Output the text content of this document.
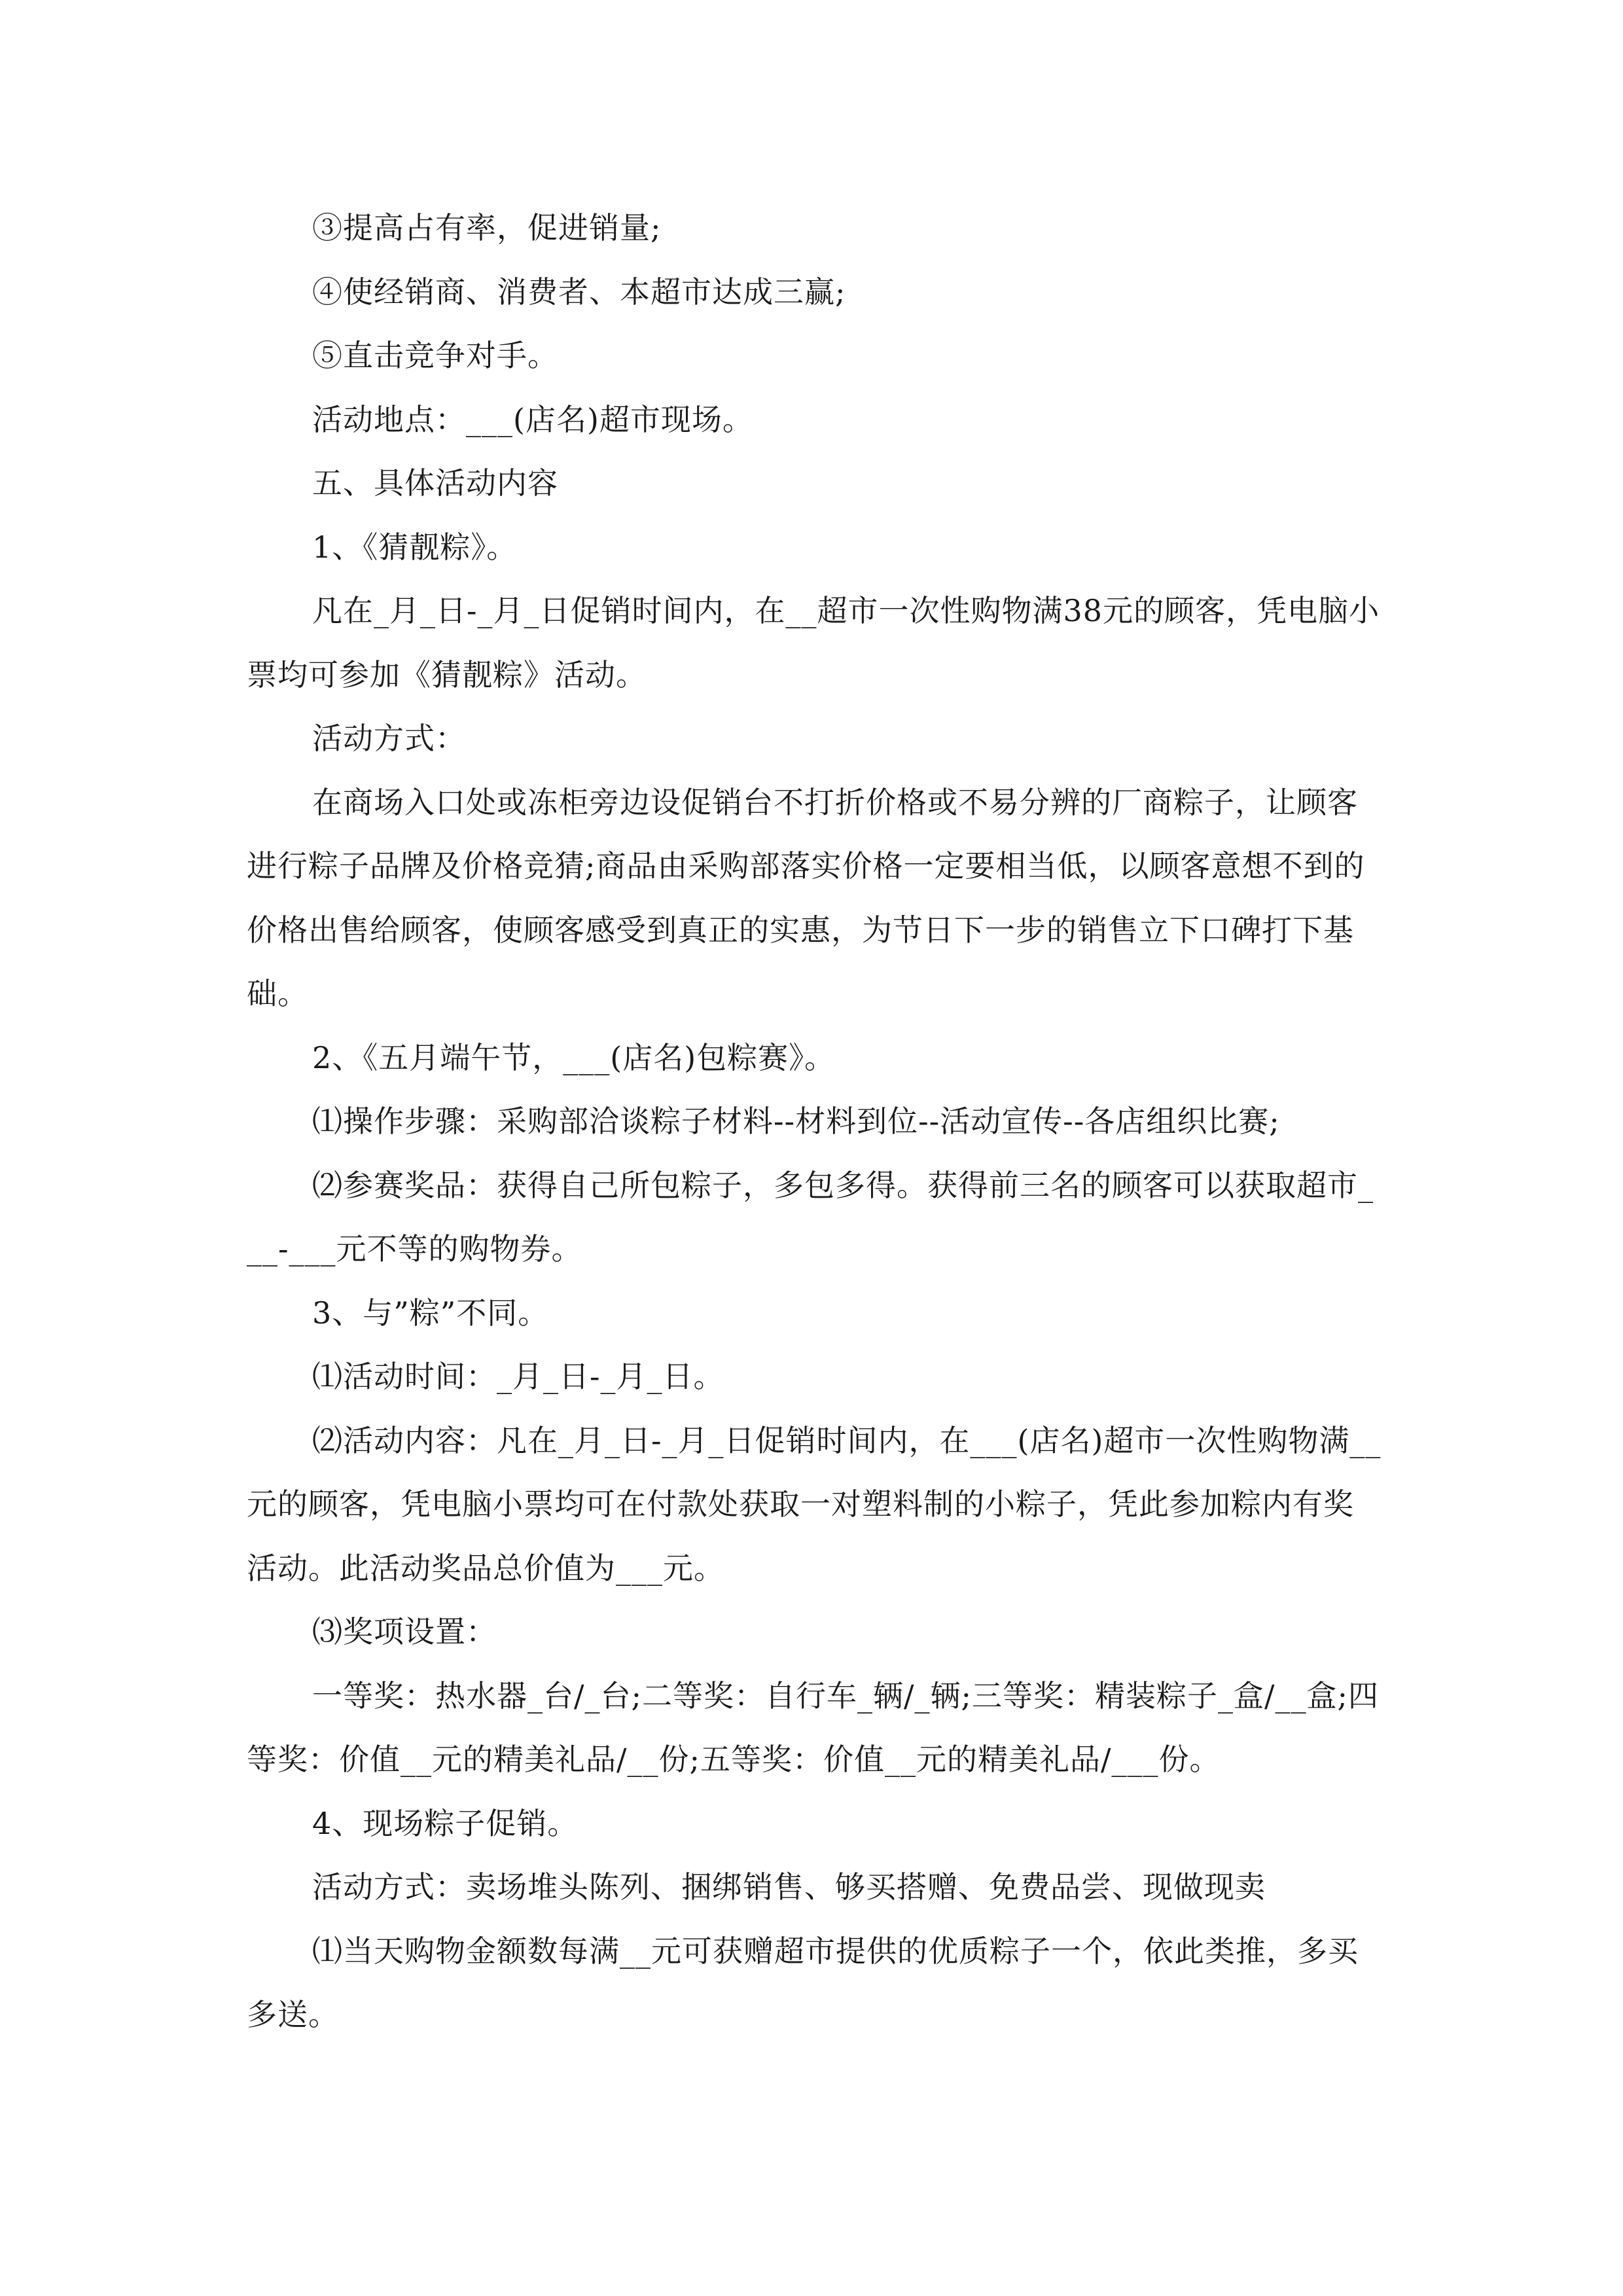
③提高占有率，促进销量;

④使经销商、消费者、本超市达成三赢;

⑤直击竞争对手。

活动地点：___(店名)超市现场。

五、具体活动内容

1、《猜靓粽》。

凡在_月_日-_月_日促销时间内，在__超市一次性购物满38元的顾客，凭电脑小票均可参加《猜靓粽》活动。

活动方式：

在商场入口处或冻柜旁边设促销台不打折价格或不易分辨的厂商粽子，让顾客进行粽子品牌及价格竞猜;商品由采购部落实价格一定要相当低，以顾客意想不到的价格出售给顾客，使顾客感受到真正的实惠，为节日下一步的销售立下口碑打下基础。

2、《五月端午节，___(店名)包粽赛》。

⑴操作步骤：采购部洽谈粽子材料--材料到位--活动宣传--各店组织比赛;

⑵参赛奖品：获得自己所包粽子，多包多得。获得前三名的顾客可以获取超市___-___元不等的购物券。

3、与”粽”不同。

⑴活动时间：_月_日-_月_日。

⑵活动内容：凡在_月_日-_月_日促销时间内，在___(店名)超市一次性购物满__元的顾客，凭电脑小票均可在付款处获取一对塑料制的小粽子，凭此参加粽内有奖活动。此活动奖品总价值为___元。

⑶奖项设置：

一等奖：热水器_台/_台;二等奖：自行车_辆/_辆;三等奖：精装粽子_盒/__盒;四等奖：价值__元的精美礼品/__份;五等奖：价值__元的精美礼品/___份。

4、现场粽子促销。

活动方式：卖场堆头陈列、捆绑销售、够买搭赠、免费品尝、现做现卖

⑴当天购物金额数每满__元可获赠超市提供的优质粽子一个，依此类推，多买多送。
